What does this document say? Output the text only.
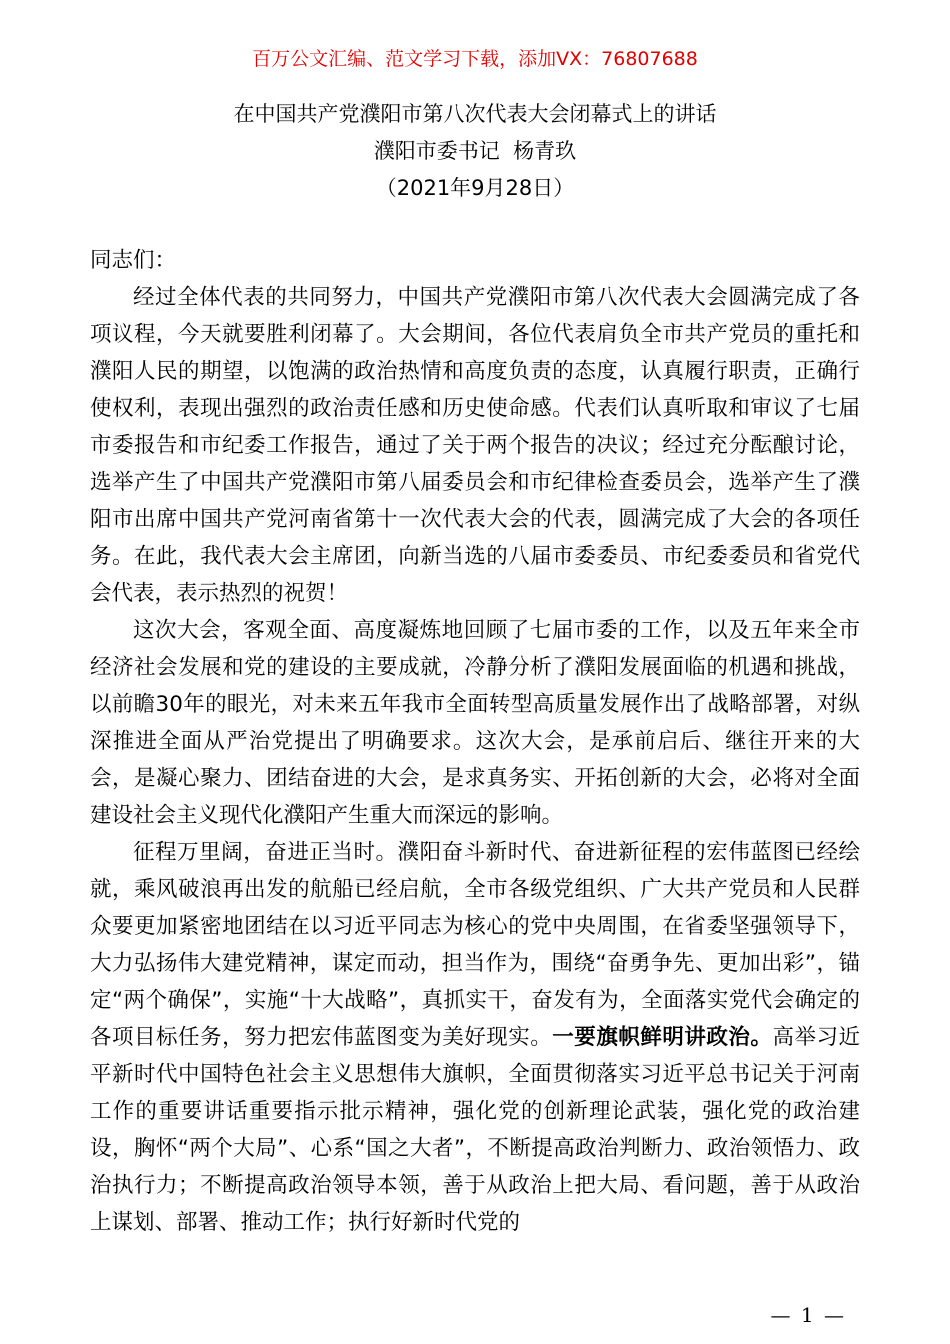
百万公文汇编、范文学习下载，添加VX：76807688
在中国共产党濮阳市第八次代表大会闭幕式上的讲话
濮阳市委书记  杨青玖
（2021年9月28日）

同志们：

经过全体代表的共同努力，中国共产党濮阳市第八次代表大会圆满完成了各项议程，今天就要胜利闭幕了。大会期间，各位代表肩负全市共产党员的重托和濮阳人民的期望，以饱满的政治热情和高度负责的态度，认真履行职责，正确行使权利，表现出强烈的政治责任感和历史使命感。代表们认真听取和审议了七届市委报告和市纪委工作报告，通过了关于两个报告的决议；经过充分酝酿讨论，选举产生了中国共产党濮阳市第八届委员会和市纪律检查委员会，选举产生了濮阳市出席中国共产党河南省第十一次代表大会的代表，圆满完成了大会的各项任务。在此，我代表大会主席团，向新当选的八届市委委员、市纪委委员和省党代会代表，表示热烈的祝贺！

这次大会，客观全面、高度凝炼地回顾了七届市委的工作，以及五年来全市经济社会发展和党的建设的主要成就，冷静分析了濮阳发展面临的机遇和挑战，以前瞻30年的眼光，对未来五年我市全面转型高质量发展作出了战略部署，对纵深推进全面从严治党提出了明确要求。这次大会，是承前启后、继往开来的大会，是凝心聚力、团结奋进的大会，是求真务实、开拓创新的大会，必将对全面建设社会主义现代化濮阳产生重大而深远的影响。

征程万里阔，奋进正当时。濮阳奋斗新时代、奋进新征程的宏伟蓝图已经绘就，乘风破浪再出发的航船已经启航，全市各级党组织、广大共产党员和人民群众要更加紧密地团结在以习近平同志为核心的党中央周围，在省委坚强领导下，大力弘扬伟大建党精神，谋定而动，担当作为，围绕“奋勇争先、更加出彩”，锚定“两个确保”，实施“十大战略”，真抓实干，奋发有为，全面落实党代会确定的各项目标任务，努力把宏伟蓝图变为美好现实。一要旗帜鲜明讲政治。高举习近平新时代中国特色社会主义思想伟大旗帜，全面贯彻落实习近平总书记关于河南工作的重要讲话重要指示批示精神，强化党的创新理论武装，强化党的政治建设，胸怀“两个大局”、心系“国之大者”，不断提高政治判断力、政治领悟力、政治执行力；不断提高政治领导本领，善于从政治上把大局、看问题，善于从政治上谋划、部署、推动工作；执行好新时代党的

— 1 —
